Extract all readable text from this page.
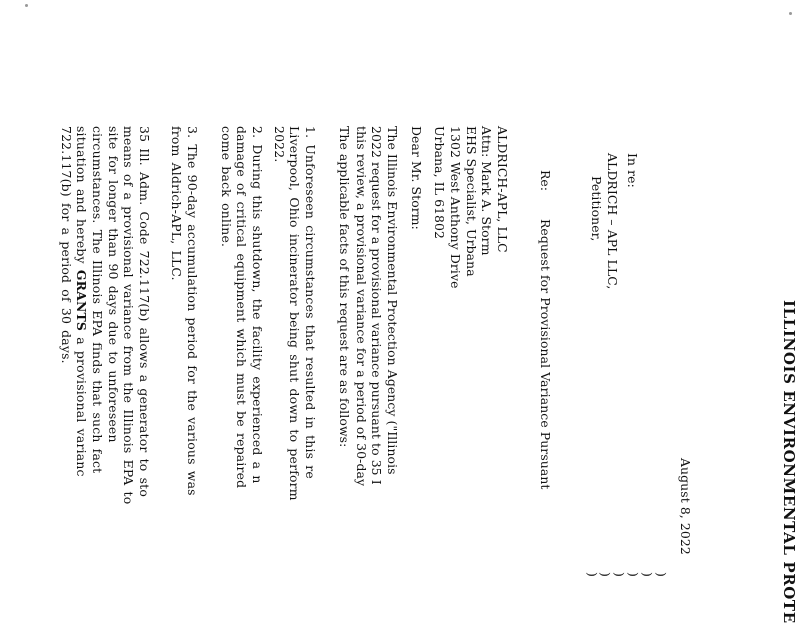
ILLINOIS ENVIRONMENTAL PROTE
August 8, 2022
In re:
ALDRICH – APL LLC,
Petitioner,
)
)
)
)
)
)
Re:
Request for Provisional Variance Pursuant
ALDRICH-APL, LLC
Attn: Mark A. Storm
EHS Specialist, Urbana
1302 West Anthony Drive
Urbana, IL 61802
Dear Mr. Storm:
The Illinois Environmental Protection Agency ("Illinois
2022 request for a provisional variance pursuant to 35 I
this review, a provisional variance for a period of 30-day
The applicable facts of this request are as follows:
1. Unforeseen circumstances that resulted in this re
Liverpool, Ohio incinerator being shut down to perform
2022.
2. During this shutdown, the facility experienced a n
damage of critical equipment which must be repaired
come back online.
3. The 90-day accumulation period for the various was
from Aldrich-APL, LLC.
35 Ill. Adm. Code 722.117(b) allows a generator to sto
means of a provisional variance from the Illinois EPA to
site for longer than 90 days due to unforeseen
circumstances. The Illinois EPA finds that such fact
situation and hereby GRANTS a provisional varianc
722.117(b) for a period of 30 days.
